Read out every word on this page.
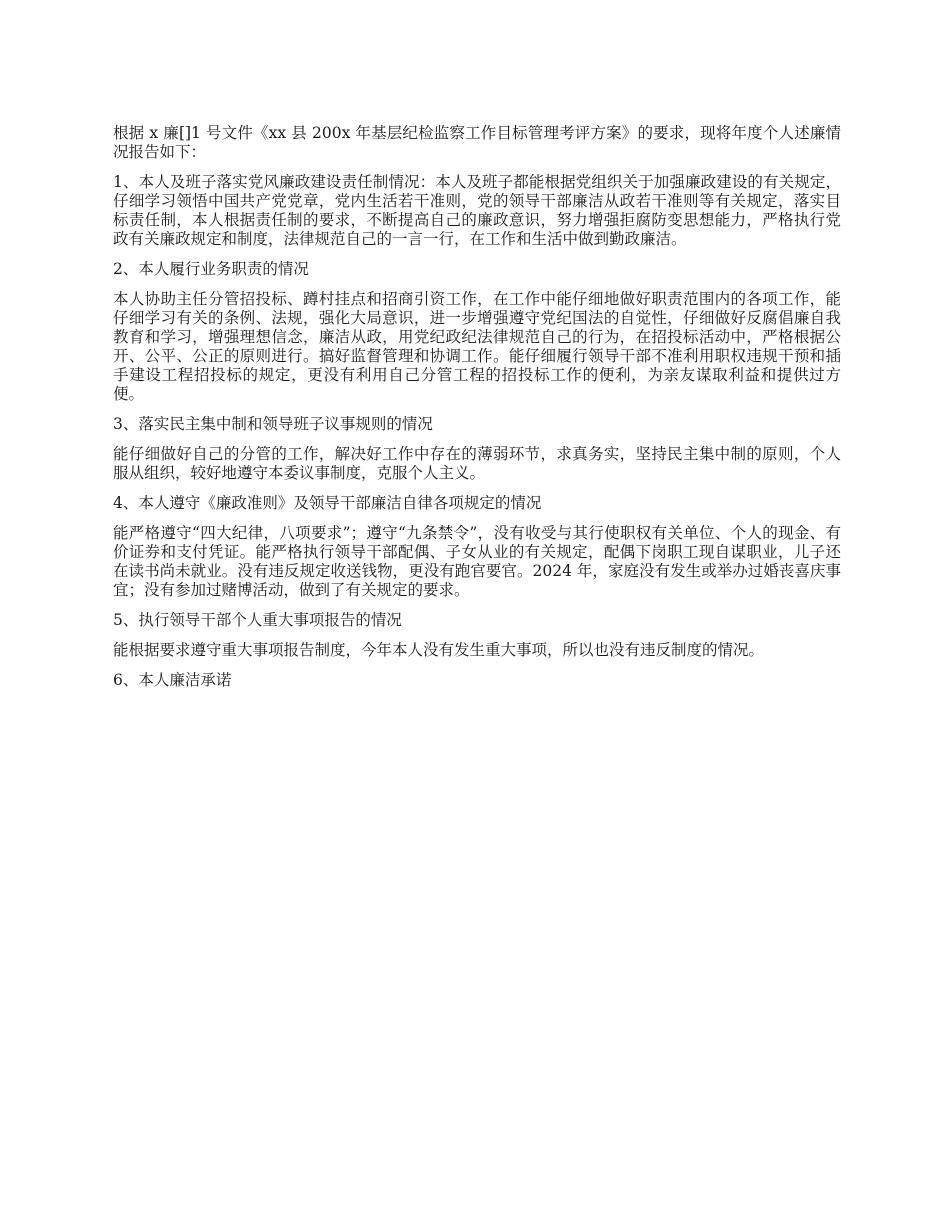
根据 x 廉[]1 号文件《xx 县 200x 年基层纪检监察工作目标管理考评方案》的要求，现将年度个人述廉情况报告如下：

1、本人及班子落实党风廉政建设责任制情况：本人及班子都能根据党组织关于加强廉政建设的有关规定，仔细学习领悟中国共产党党章，党内生活若干准则，党的领导干部廉洁从政若干准则等有关规定，落实目标责任制，本人根据责任制的要求，不断提高自己的廉政意识，努力增强拒腐防变思想能力，严格执行党政有关廉政规定和制度，法律规范自己的一言一行，在工作和生活中做到勤政廉洁。

2、本人履行业务职责的情况

本人协助主任分管招投标、蹲村挂点和招商引资工作，在工作中能仔细地做好职责范围内的各项工作，能仔细学习有关的条例、法规，强化大局意识，进一步增强遵守党纪国法的自觉性，仔细做好反腐倡廉自我教育和学习，增强理想信念，廉洁从政，用党纪政纪法律规范自己的行为，在招投标活动中，严格根据公开、公平、公正的原则进行。搞好监督管理和协调工作。能仔细履行领导干部不准利用职权违规干预和插手建设工程招投标的规定，更没有利用自己分管工程的招投标工作的便利，为亲友谋取利益和提供过方便。

3、落实民主集中制和领导班子议事规则的情况

能仔细做好自己的分管的工作，解决好工作中存在的薄弱环节，求真务实，坚持民主集中制的原则，个人服从组织，较好地遵守本委议事制度，克服个人主义。

4、本人遵守《廉政准则》及领导干部廉洁自律各项规定的情况

能严格遵守“四大纪律，八项要求”；遵守“九条禁令”，没有收受与其行使职权有关单位、个人的现金、有价证券和支付凭证。能严格执行领导干部配偶、子女从业的有关规定，配偶下岗职工现自谋职业，儿子还在读书尚未就业。没有违反规定收送钱物，更没有跑官要官。2024 年，家庭没有发生或举办过婚丧喜庆事宜；没有参加过赌博活动，做到了有关规定的要求。

5、执行领导干部个人重大事项报告的情况

能根据要求遵守重大事项报告制度，今年本人没有发生重大事项，所以也没有违反制度的情况。

6、本人廉洁承诺
